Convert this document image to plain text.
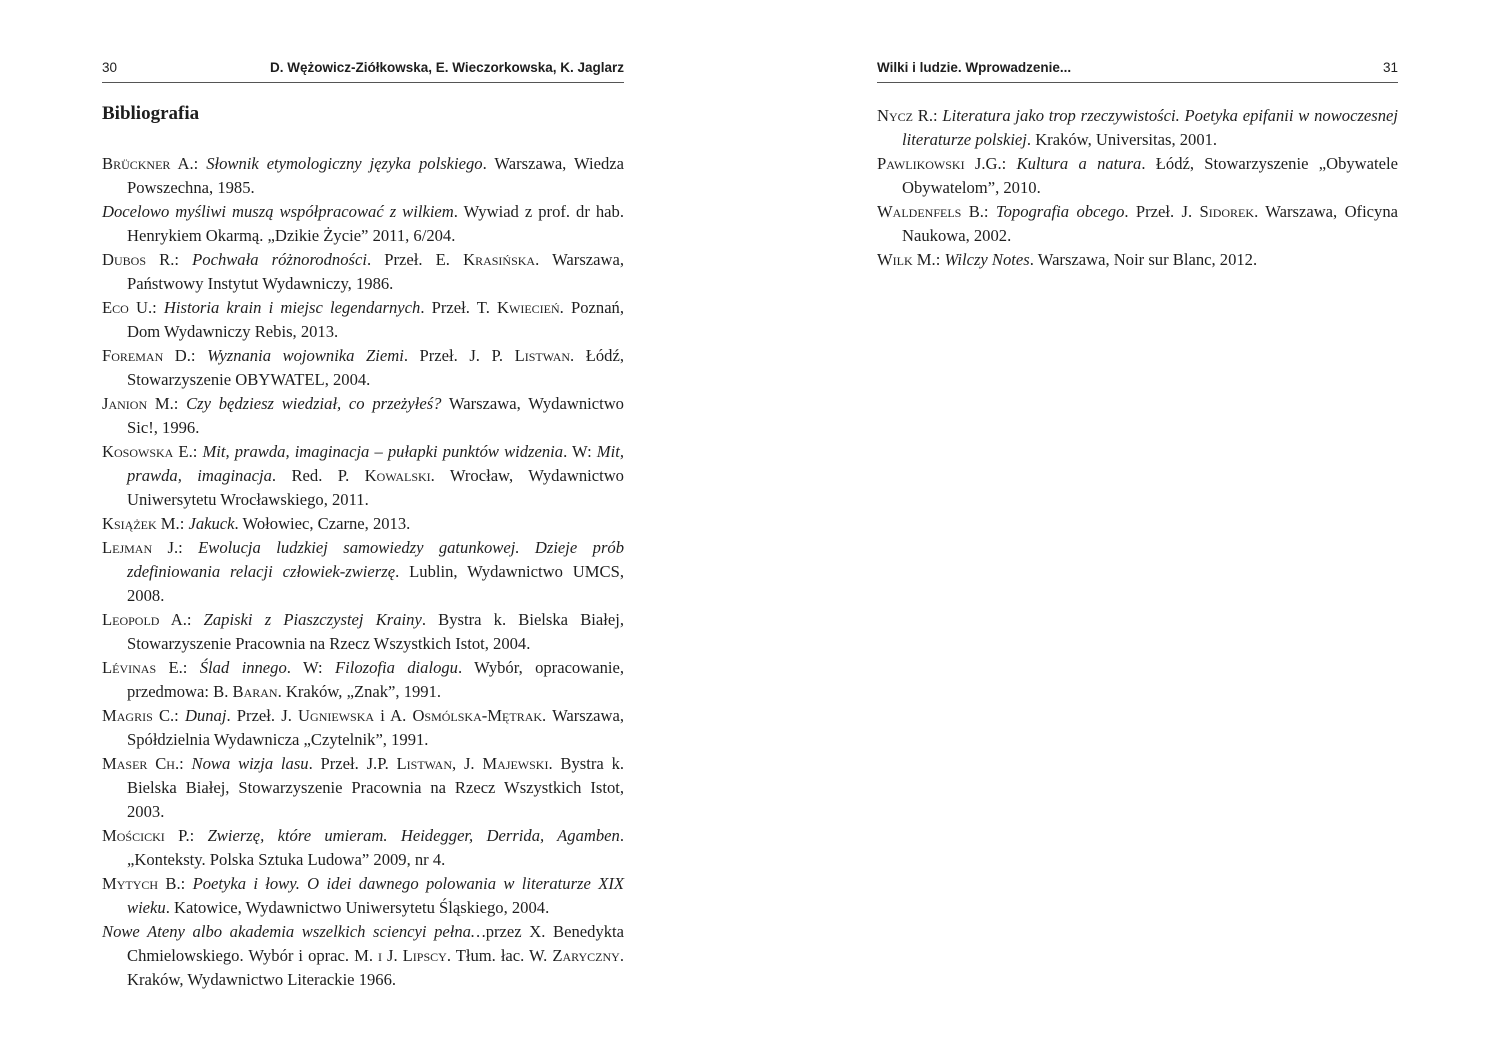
30	D. Wężowicz-Ziółkowska, E. Wieczorkowska, K. Jaglarz
Bibliografia

Brückner A.: Słownik etymologiczny języka polskiego. Warszawa, Wiedza Powszechna, 1985.

Docelowo myśliwi muszą współpracować z wilkiem. Wywiad z prof. dr hab. Henrykiem Okarmą. „Dzikie Życie” 2011, 6/204.

Dubos R.: Pochwała różnorodności. Przeł. E. Krasińska. Warszawa, Państwowy Instytut Wydawniczy, 1986.

Eco U.: Historia krain i miejsc legendarnych. Przeł. T. Kwiecień. Poznań, Dom Wydawniczy Rebis, 2013.

Foreman D.: Wyznania wojownika Ziemi. Przeł. J. P. Listwan. Łódź, Stowarzyszenie OBYWATEL, 2004.

Janion M.: Czy będziesz wiedział, co przeżyłeś? Warszawa, Wydawnictwo Sic!, 1996.

Kosowska E.: Mit, prawda, imaginacja – pułapki punktów widzenia. W: Mit, prawda, imaginacja. Red. P. Kowalski. Wrocław, Wydawnictwo Uniwersytetu Wrocławskiego, 2011.

Książek M.: Jakuck. Wołowiec, Czarne, 2013.

Lejman J.: Ewolucja ludzkiej samowiedzy gatunkowej. Dzieje prób zdefiniowania relacji człowiek-zwierzę. Lublin, Wydawnictwo UMCS, 2008.

Leopold A.: Zapiski z Piaszczystej Krainy. Bystra k. Bielska Białej, Stowarzyszenie Pracownia na Rzecz Wszystkich Istot, 2004.

Lévinas E.: Ślad innego. W: Filozofia dialogu. Wybór, opracowanie, przedmowa: B. Baran. Kraków, „Znak”, 1991.

Magris C.: Dunaj. Przeł. J. Ugniewska i A. Osmólska-Mętrak. Warszawa, Spółdzielnia Wydawnicza „Czytelnik”, 1991.

Maser Ch.: Nowa wizja lasu. Przeł. J.P. Listwan, J. Majewski. Bystra k. Bielska Białej, Stowarzyszenie Pracownia na Rzecz Wszystkich Istot, 2003.

Mościcki P.: Zwierzę, które umieram. Heidegger, Derrida, Agamben. „Konteksty. Polska Sztuka Ludowa” 2009, nr 4.

Mytych B.: Poetyka i łowy. O idei dawnego polowania w literaturze XIX wieku. Katowice, Wydawnictwo Uniwersytetu Śląskiego, 2004.

Nowe Ateny albo akademia wszelkich sciencyi pełna…przez X. Benedykta Chmielowskiego. Wybór i oprac. M. i J. Lipscy. Tłum. łac. W. Zaryczny. Kraków, Wydawnictwo Literackie 1966.

Wilki i ludzie. Wprowadzenie...	31

Nycz R.: Literatura jako trop rzeczywistości. Poetyka epifanii w nowoczesnej literaturze polskiej. Kraków, Universitas, 2001.

Pawlikowski J.G.: Kultura a natura. Łódź, Stowarzyszenie „Obywatele Obywatelom”, 2010.

Waldenfels B.: Topografia obcego. Przeł. J. Sidorek. Warszawa, Oficyna Naukowa, 2002.

Wilk M.: Wilczy Notes. Warszawa, Noir sur Blanc, 2012.
